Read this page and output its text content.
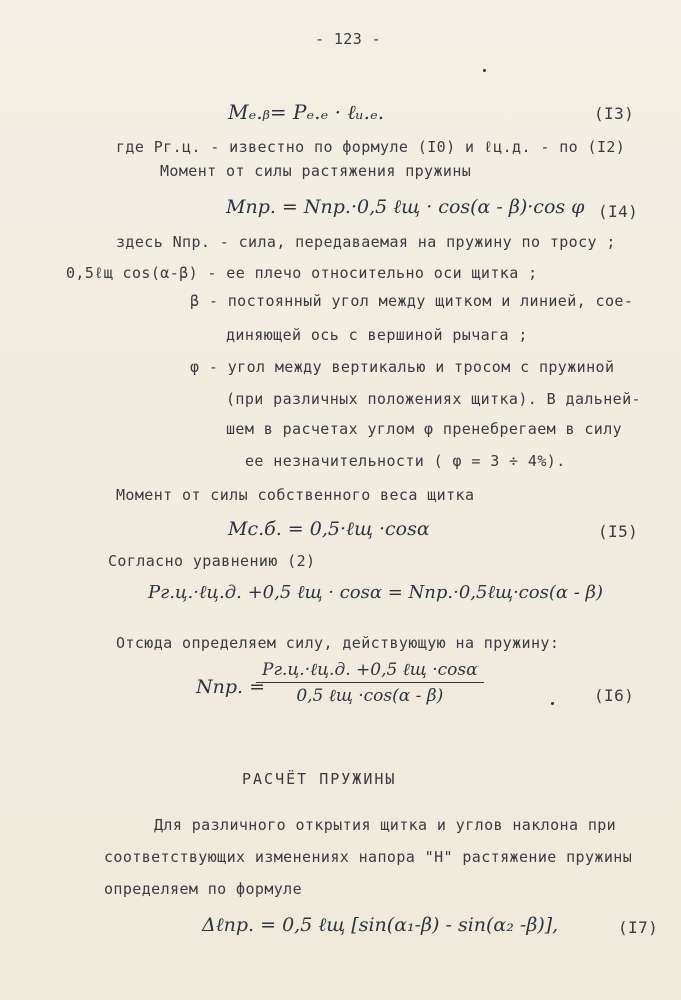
- 123 -
Mₑ.ᵦ= Pₑ.ₑ · ℓᵤ.ₑ.	(I3)
где Pг.ц. - известно по формуле (I0) и ℓц.д. - по (I2)
Момент от силы растяжения пружины
Mпр. = Nпр.·0,5 ℓщ · cos(α - β)·cos φ (I4)
здесь Nпр. - сила, передаваемая на пружину по тросу ;
0,5ℓщ cos(α-β) - ее плечо относительно оси щитка ;
β - постоянный угол между щитком и линией, сое-
диняющей ось с вершиной рычага ;
φ - угол между вертикалью и тросом с пружиной
(при различных положениях щитка). В дальней-
шем в расчетах углом φ пренебрегаем в силу
ее незначительности ( φ = 3 ÷ 4%).
Момент от силы собственного веса щитка
Mс.б. = 0,5·ℓщ ·cosα	(I5)
Согласно уравнению (2)
Pг.ц.·ℓц.д. +0,5 ℓщ · cosα = Nпр.·0,5ℓщ·cos(α - β)
Отсюда определяем силу, действующую на пружину:
Nпр. =
$\frac{\text{Pг.ц.·ℓц.д. +0,5 ℓщ ·cosα}}{\text{0,5 ℓщ ·cos(α - β)}}$	(I6)
РАСЧЁТ ПРУЖИНЫ
Для различного открытия щитка и углов наклона при
соответствующих изменениях напора "H" растяжение пружины
определяем по формуле
Δℓпр. = 0,5 ℓщ [sin(α₁-β) - sin(α₂ -β)],	(I7)
